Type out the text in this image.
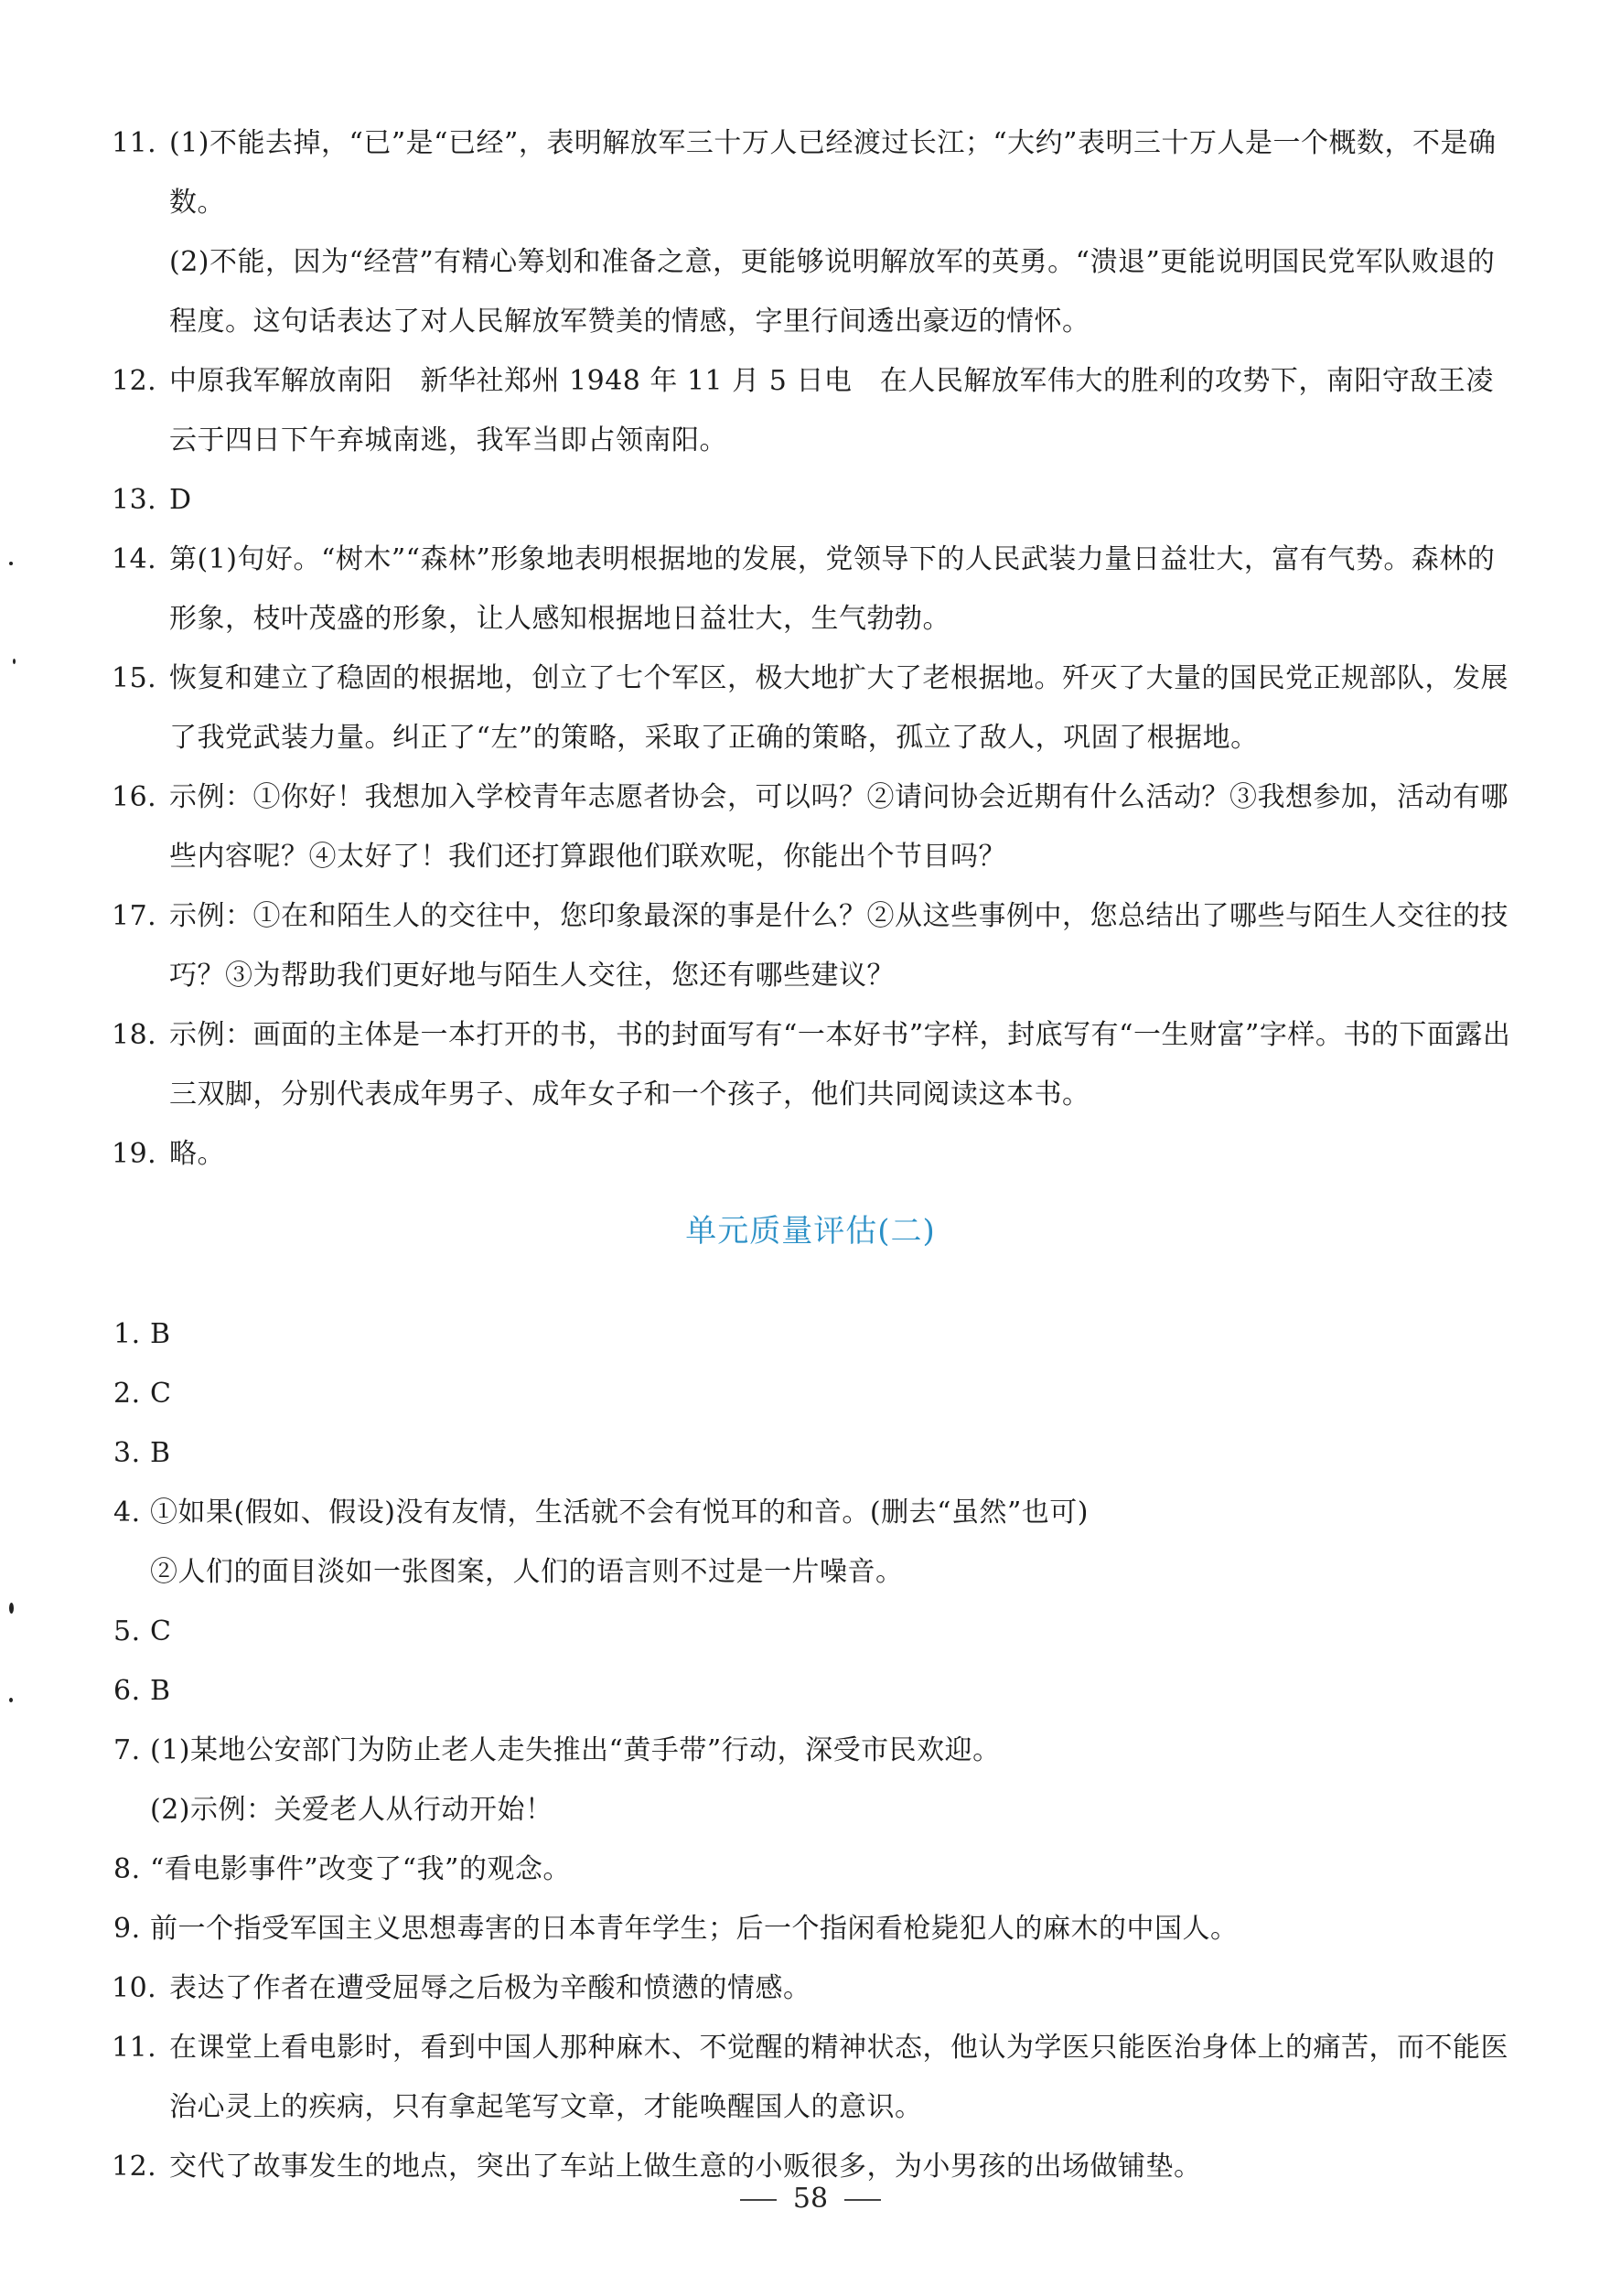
11. (1)不能去掉，“已”是“已经”，表明解放军三十万人已经渡过长江；“大约”表明三十万人是一个概数，不是确数。
(2)不能，因为“经营”有精心筹划和准备之意，更能够说明解放军的英勇。“溃退”更能说明国民党军队败退的程度。这句话表达了对人民解放军赞美的情感，字里行间透出豪迈的情怀。
12. 中原我军解放南阳　新华社郑州 1948 年 11 月 5 日电　在人民解放军伟大的胜利的攻势下，南阳守敌王凌云于四日下午弃城南逃，我军当即占领南阳。
13. D
14. 第(1)句好。“树木”“森林”形象地表明根据地的发展，党领导下的人民武装力量日益壮大，富有气势。森林的形象，枝叶茂盛的形象，让人感知根据地日益壮大，生气勃勃。
15. 恢复和建立了稳固的根据地，创立了七个军区，极大地扩大了老根据地。歼灭了大量的国民党正规部队，发展了我党武装力量。纠正了“左”的策略，采取了正确的策略，孤立了敌人，巩固了根据地。
16. 示例：①你好！我想加入学校青年志愿者协会，可以吗？②请问协会近期有什么活动？③我想参加，活动有哪些内容呢？④太好了！我们还打算跟他们联欢呢，你能出个节目吗？
17. 示例：①在和陌生人的交往中，您印象最深的事是什么？②从这些事例中，您总结出了哪些与陌生人交往的技巧？③为帮助我们更好地与陌生人交往，您还有哪些建议？
18. 示例：画面的主体是一本打开的书，书的封面写有“一本好书”字样，封底写有“一生财富”字样。书的下面露出三双脚，分别代表成年男子、成年女子和一个孩子，他们共同阅读这本书。
19. 略。
单元质量评估(二)
1. B
2. C
3. B
4. ①如果(假如、假设)没有友情，生活就不会有悦耳的和音。(删去“虽然”也可)
②人们的面目淡如一张图案，人们的语言则不过是一片噪音。
5. C
6. B
7. (1)某地公安部门为防止老人走失推出“黄手带”行动，深受市民欢迎。
(2)示例：关爱老人从行动开始！
8. “看电影事件”改变了“我”的观念。
9. 前一个指受军国主义思想毒害的日本青年学生；后一个指闲看枪毙犯人的麻木的中国人。
10. 表达了作者在遭受屈辱之后极为辛酸和愤懑的情感。
11. 在课堂上看电影时，看到中国人那种麻木、不觉醒的精神状态，他认为学医只能医治身体上的痛苦，而不能医治心灵上的疾病，只有拿起笔写文章，才能唤醒国人的意识。
12. 交代了故事发生的地点，突出了车站上做生意的小贩很多，为小男孩的出场做铺垫。
58
